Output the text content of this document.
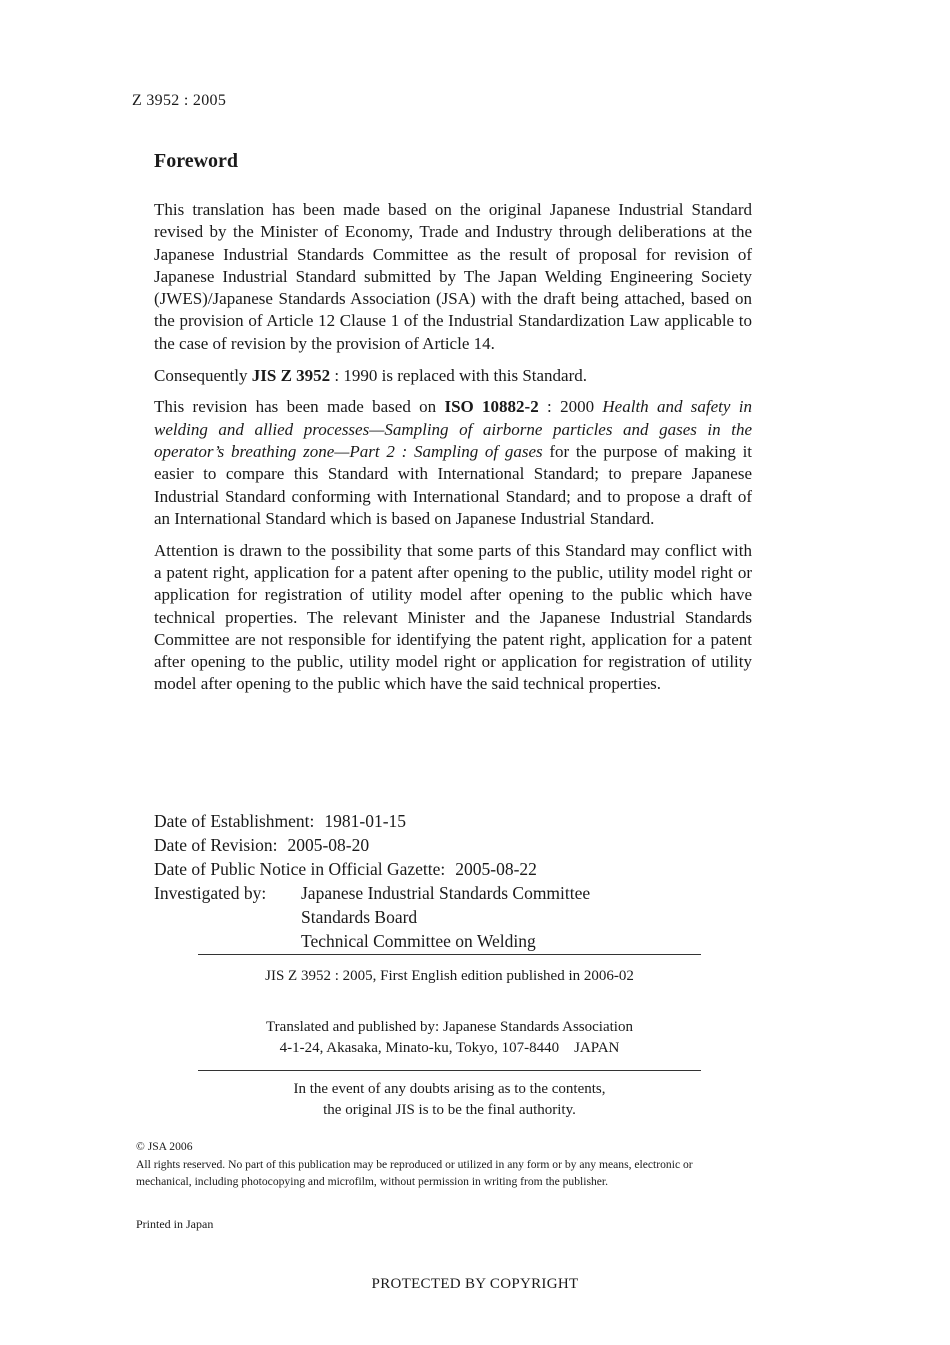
Z 3952 : 2005
Foreword

This translation has been made based on the original Japanese Industrial Standard revised by the Minister of Economy, Trade and Industry through deliberations at the Japanese Industrial Standards Committee as the result of proposal for revision of Japanese Industrial Standard submitted by The Japan Welding Engineering Society (JWES)/Japanese Standards Association (JSA) with the draft being attached, based on the provision of Article 12 Clause 1 of the Industrial Standardization Law applicable to the case of revision by the provision of Article 14.

Consequently JIS Z 3952 : 1990 is replaced with this Standard.

This revision has been made based on ISO 10882-2 : 2000 Health and safety in welding and allied processes—Sampling of airborne particles and gases in the operator’s breathing zone—Part 2 : Sampling of gases for the purpose of making it easier to compare this Standard with International Standard; to prepare Japanese Industrial Standard conforming with International Standard; and to propose a draft of an International Standard which is based on Japanese Industrial Standard.

Attention is drawn to the possibility that some parts of this Standard may conflict with a patent right, application for a patent after opening to the public, utility model right or application for registration of utility model after opening to the public which have technical properties. The relevant Minister and the Japanese Industrial Standards Committee are not responsible for identifying the patent right, application for a patent after opening to the public, utility model right or application for registration of utility model after opening to the public which have the said technical properties.

Date of Establishment: 1981-01-15
Date of Revision: 2005-08-20
Date of Public Notice in Official Gazette: 2005-08-22
Investigated by:	Japanese Industrial Standards Committee
Standards Board
Technical Committee on Welding
JIS Z 3952 : 2005, First English edition published in 2006-02
Translated and published by: Japanese Standards Association
4-1-24, Akasaka, Minato-ku, Tokyo, 107-8440 JAPAN
In the event of any doubts arising as to the contents,
the original JIS is to be the final authority.

© JSA 2006

All rights reserved. No part of this publication may be reproduced or utilized in any form or by any means, electronic or mechanical, including photocopying and microfilm, without permission in writing from the publisher.

Printed in Japan
PROTECTED BY COPYRIGHT
